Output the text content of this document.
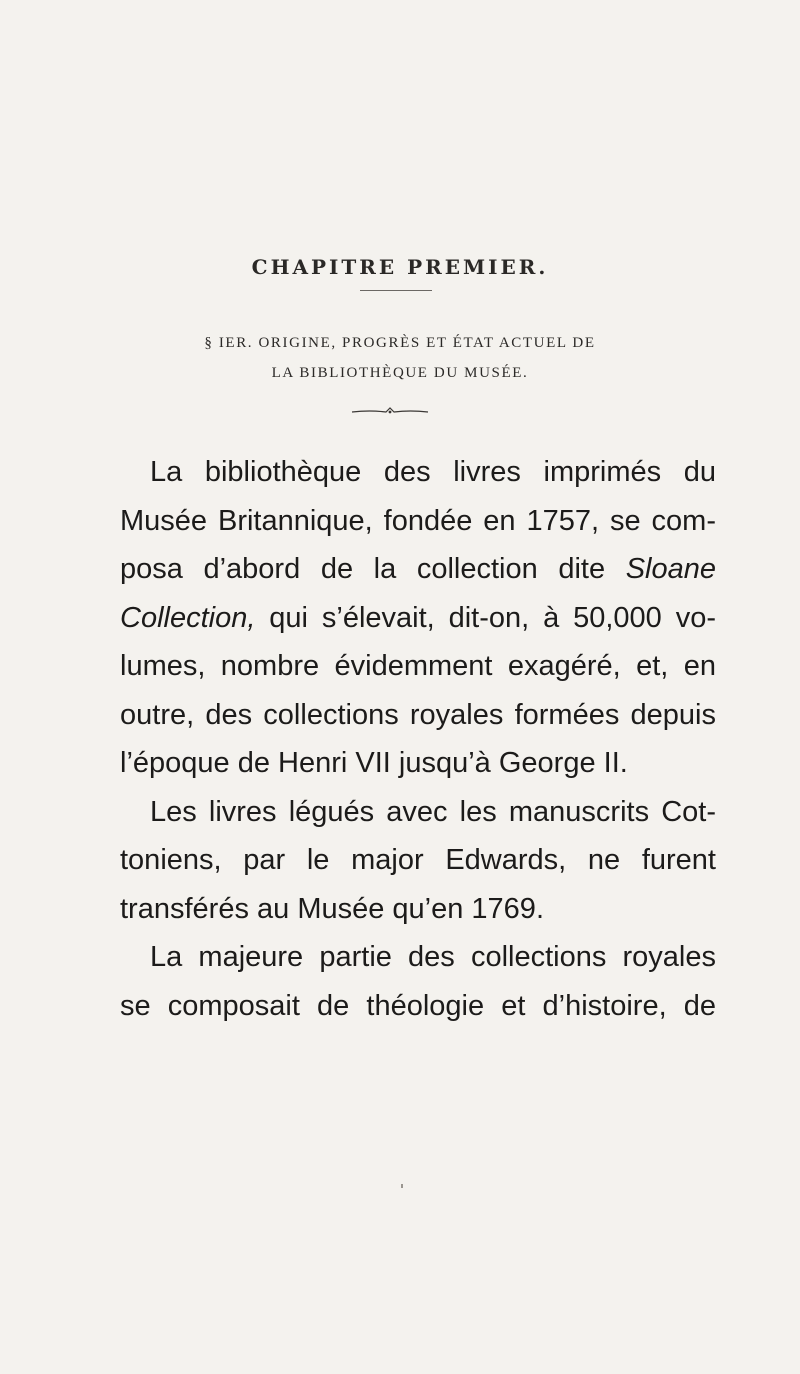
CHAPITRE PREMIER.
§ IER. ORIGINE, PROGRÈS ET ÉTAT ACTUEL DE
LA BIBLIOTHÈQUE DU MUSÉE.
La bibliothèque des livres imprimés du
Musée Britannique, fondée en 1757, se com-
posa d’abord de la collection dite Sloane
Collection, qui s’élevait, dit-on, à 50,000 vo-
lumes, nombre évidemment exagéré, et, en
outre, des collections royales formées depuis
l’époque de Henri VII jusqu’à George II.
Les livres légués avec les manuscrits Cot-
toniens, par le major Edwards, ne furent
transférés au Musée qu’en 1769.
La majeure partie des collections royales
se composait de théologie et d’histoire, de
